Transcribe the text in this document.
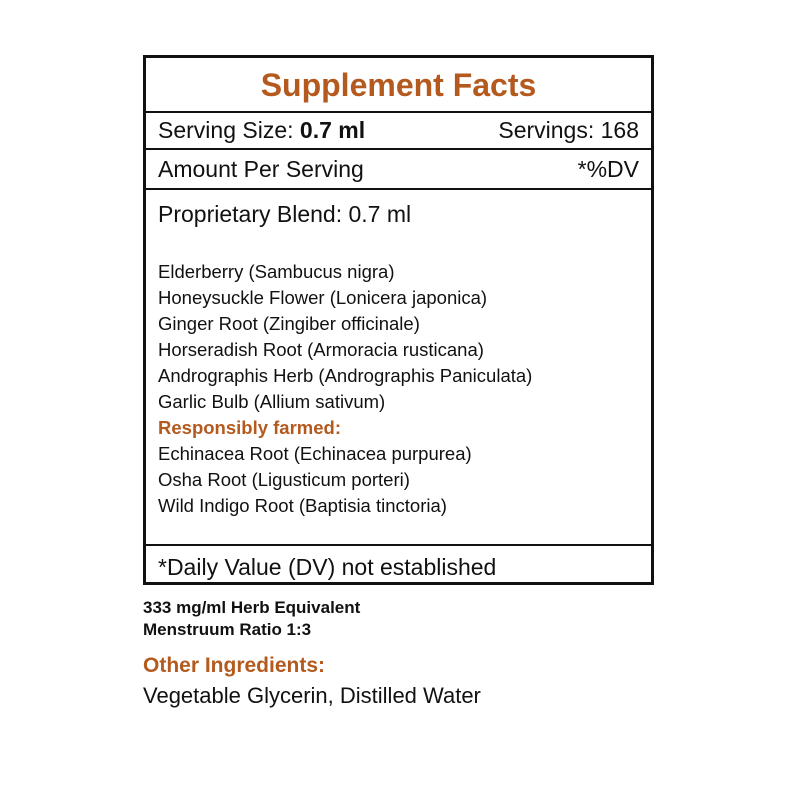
Supplement Facts
Serving Size: 0.7 ml	Servings: 168
Amount Per Serving	*%DV
Proprietary Blend: 0.7 ml
Elderberry (Sambucus nigra)
Honeysuckle Flower (Lonicera japonica)
Ginger Root (Zingiber officinale)
Horseradish Root (Armoracia rusticana)
Andrographis Herb (Andrographis Paniculata)
Garlic Bulb (Allium sativum)
Responsibly farmed:
Echinacea Root (Echinacea purpurea)
Osha Root (Ligusticum porteri)
Wild Indigo Root (Baptisia tinctoria)
*Daily Value (DV) not established
333 mg/ml Herb Equivalent
Menstruum Ratio 1:3
Other Ingredients:
Vegetable Glycerin, Distilled Water
